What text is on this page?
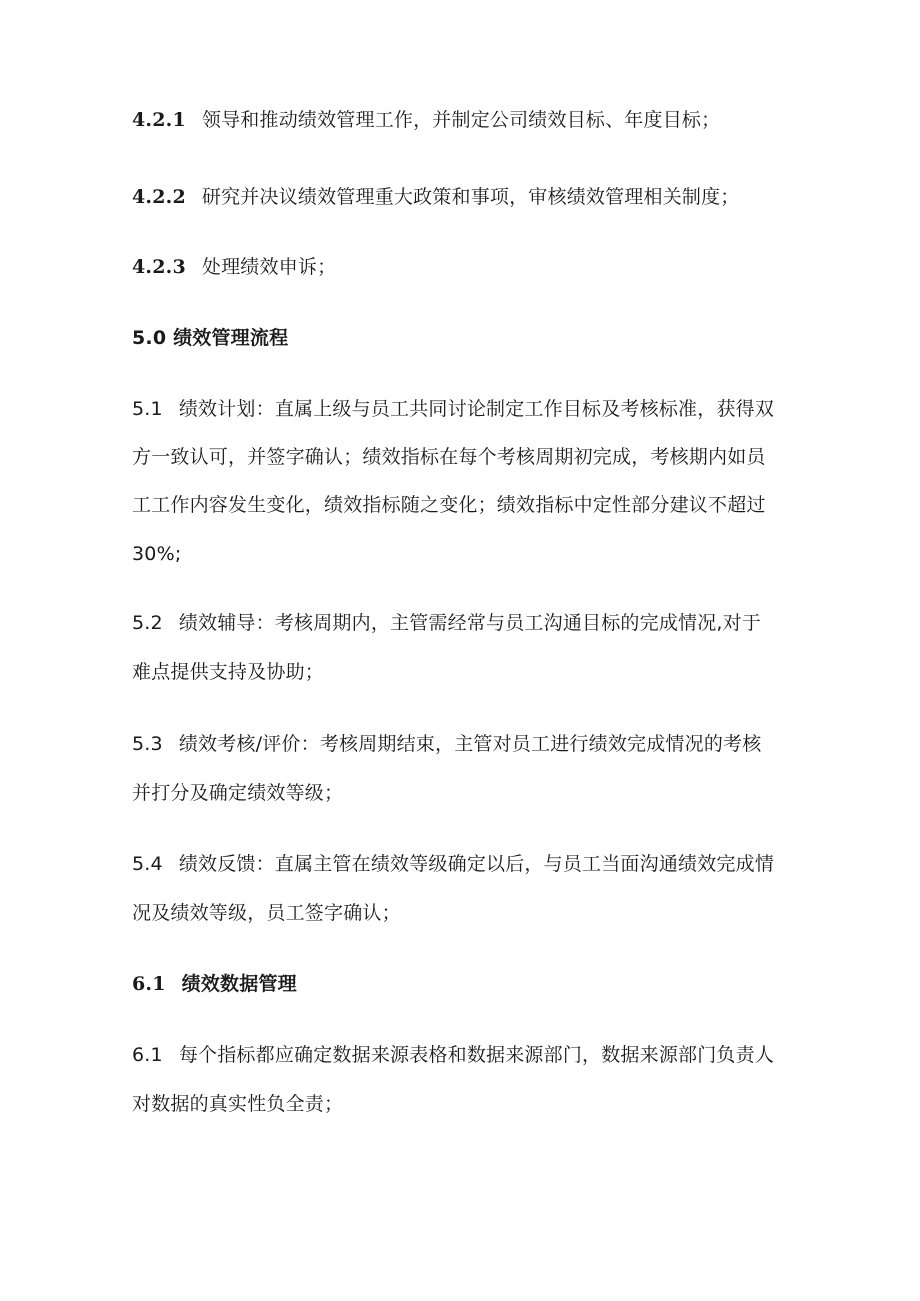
4.2.1 领导和推动绩效管理工作，并制定公司绩效目标、年度目标；
4.2.2 研究并决议绩效管理重大政策和事项，审核绩效管理相关制度；
4.2.3 处理绩效申诉；
5.0 绩效管理流程
5.1 绩效计划：直属上级与员工共同讨论制定工作目标及考核标准，获得双
方一致认可，并签字确认；绩效指标在每个考核周期初完成，考核期内如员
工工作内容发生变化，绩效指标随之变化；绩效指标中定性部分建议不超过
30%;
5.2 绩效辅导：考核周期内，主管需经常与员工沟通目标的完成情况,对于
难点提供支持及协助；
5.3 绩效考核/评价：考核周期结束，主管对员工进行绩效完成情况的考核
并打分及确定绩效等级；
5.4 绩效反馈：直属主管在绩效等级确定以后，与员工当面沟通绩效完成情
况及绩效等级，员工签字确认；
6.1 绩效数据管理
6.1 每个指标都应确定数据来源表格和数据来源部门，数据来源部门负责人
对数据的真实性负全责；
